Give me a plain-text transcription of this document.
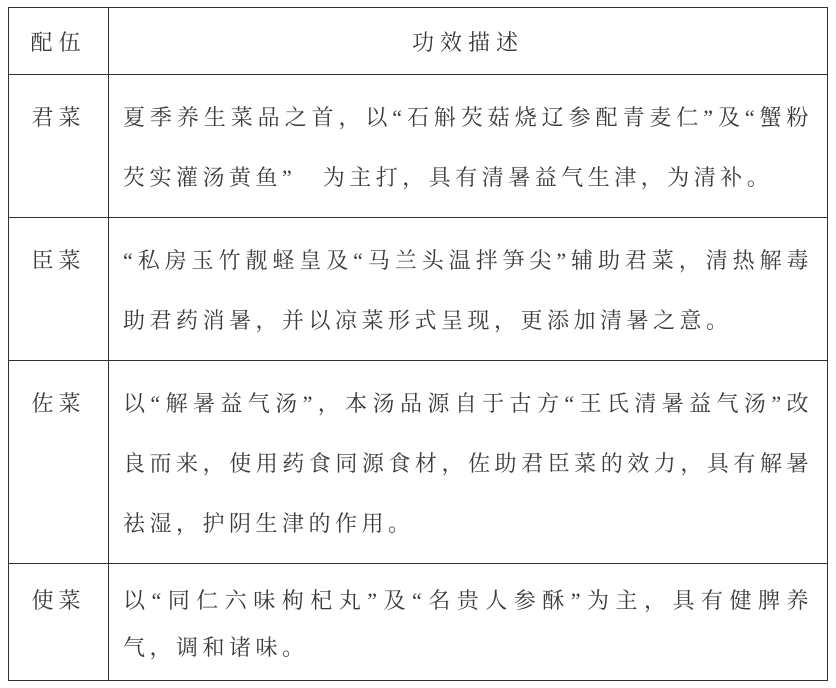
配伍	功效描述
君菜	夏季养生菜品之首，以“石斛芡菇烧辽参配青麦仁”及“蟹粉芡实灌汤黄鱼”　为主打，具有清暑益气生津，为清补。
臣菜	“私房玉竹靓蛏皇及“马兰头温拌笋尖”辅助君菜，清热解毒助君药消暑，并以凉菜形式呈现，更添加清暑之意。
佐菜	以“解暑益气汤”，本汤品源自于古方“王氏清暑益气汤”改良而来，使用药食同源食材，佐助君臣菜的效力，具有解暑祛湿，护阴生津的作用。
使菜	以“同仁六味枸杞丸”及“名贵人参酥”为主，具有健脾养气，调和诸味。
